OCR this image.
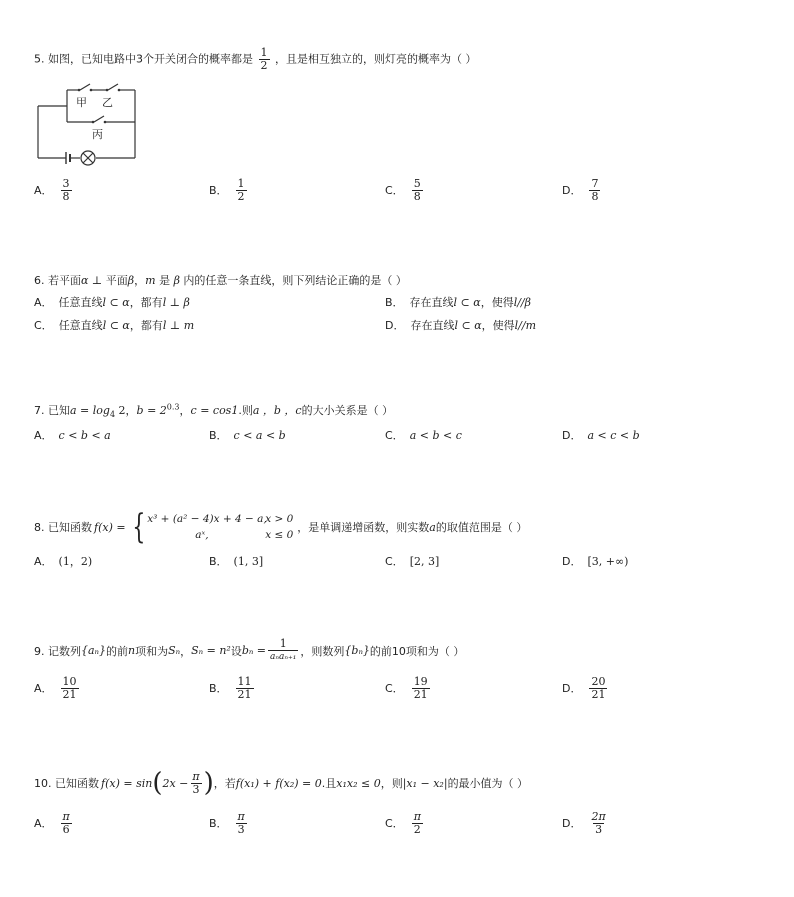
5. 如图，已知电路中3个开关闭合的概率都是 $\frac{1}{2}$ ，且是相互独立的，则灯亮的概率为（ ）
甲 乙
丙
A． $\frac{3}{8}$	B． $\frac{1}{2}$	C． $\frac{5}{8}$	D． $\frac{7}{8}$
6. 若平面α ⊥ 平面β，m 是 β 内的任意一条直线，则下列结论正确的是（ ）
A． 任意直线l ⊂ α，都有l ⊥ β	B． 存在直线l ⊂ α，使得l//β
C． 任意直线l ⊂ α，都有l ⊥ m	D． 存在直线l ⊂ α，使得l//m
7. 已知$a = \log_4 2$，$b = 2^{0.3}$，c = cos1.则a ，b ，c的大小关系是（ ）
A． c < b < a	B． c < a < b	C． a < b < c	D． a < c < b
8. 已知函数 f(x) = { x³ + (a² − 4)x + 4 − a,
x > 0
aˣ,	x ≤ 0
，是单调递增函数，则实数 a 的取值范围是（ ）
A． (1，2)	B． (1, 3]	C． [2, 3]	D． [3, +∞)
9. 记数列 {aₙ} 的前 n 项和为 Sₙ ， Sₙ = n² 设 $b_n = \frac{1}{\text{aₙaₙ₊₁}}$ ，则数列 {bₙ} 的前10项和为（ ）
A． $\frac{10}{21}$	B． $\frac{11}{21}$	C． $\frac{19}{21}$	D． $\frac{20}{21}$
10. 已知函数 f(x) = sin ( $2x - \frac{\pi}{3}$ ) ，若 f(x₁) + f(x₂) = 0 .且 x₁x₂ ≤ 0 ，则 |x₁ − x₂| 的最小值为（ ）
A． $\frac{\pi}{6}$	B． $\frac{\pi}{3}$	C． $\frac{\pi}{2}$	D． $\frac{2\pi}{3}$
